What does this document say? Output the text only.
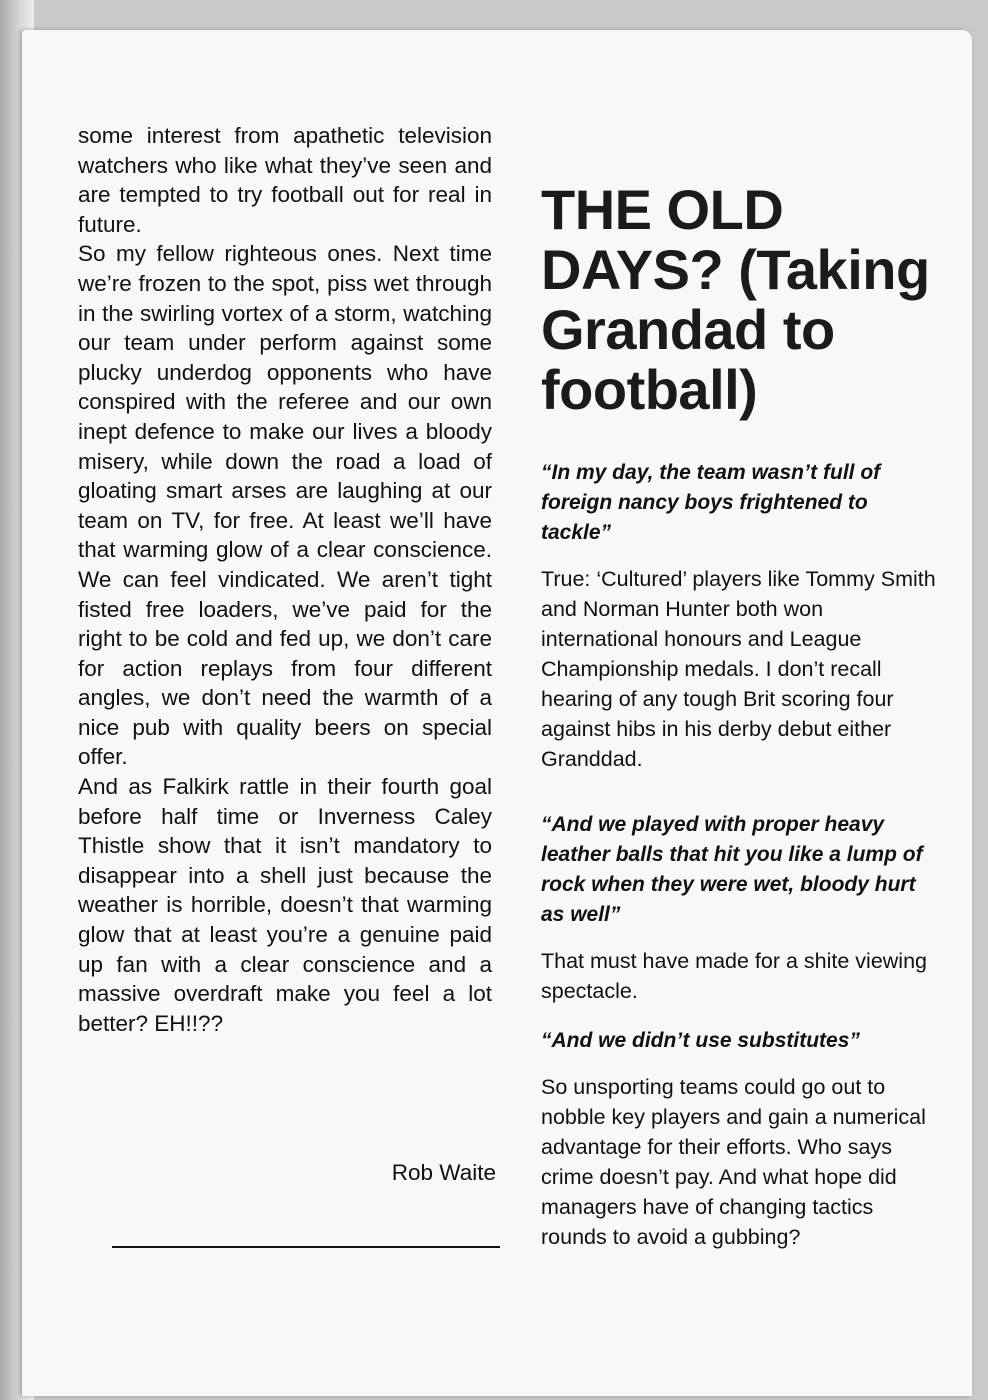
some interest from apathetic television watchers who like what they’ve seen and are tempted to try football out for real in future.

So my fellow righteous ones. Next time we’re frozen to the spot, piss wet through in the swirling vortex of a storm, watching our team under perform against some plucky underdog opponents who have conspired with the referee and our own inept defence to make our lives a bloody misery, while down the road a load of gloating smart arses are laughing at our team on TV, for free. At least we’ll have that warming glow of a clear conscience. We can feel vindicated. We aren’t tight fisted free loaders, we’ve paid for the right to be cold and fed up, we don’t care for action replays from four different angles, we don’t need the warmth of a nice pub with quality beers on special offer.

And as Falkirk rattle in their fourth goal before half time or Inverness Caley Thistle show that it isn’t mandatory to disappear into a shell just because the weather is horrible, doesn’t that warming glow that at least you’re a genuine paid up fan with a clear conscience and a massive overdraft make you feel a lot better? EH!!??

Rob Waite
THE OLD DAYS? (Taking Grandad to football)

“In my day, the team wasn’t full of foreign nancy boys frightened to tackle”

True: ‘Cultured’ players like Tommy Smith and Norman Hunter both won international honours and League Championship medals. I don’t recall hearing of any tough Brit scoring four against hibs in his derby debut either Granddad.

“And we played with proper heavy leather balls that hit you like a lump of rock when they were wet, bloody hurt as well”

That must have made for a shite viewing spectacle.

“And we didn’t use substitutes”

So unsporting teams could go out to nobble key players and gain a numerical advantage for their efforts. Who says crime doesn’t pay. And what hope did managers have of changing tactics rounds to avoid a gubbing?
